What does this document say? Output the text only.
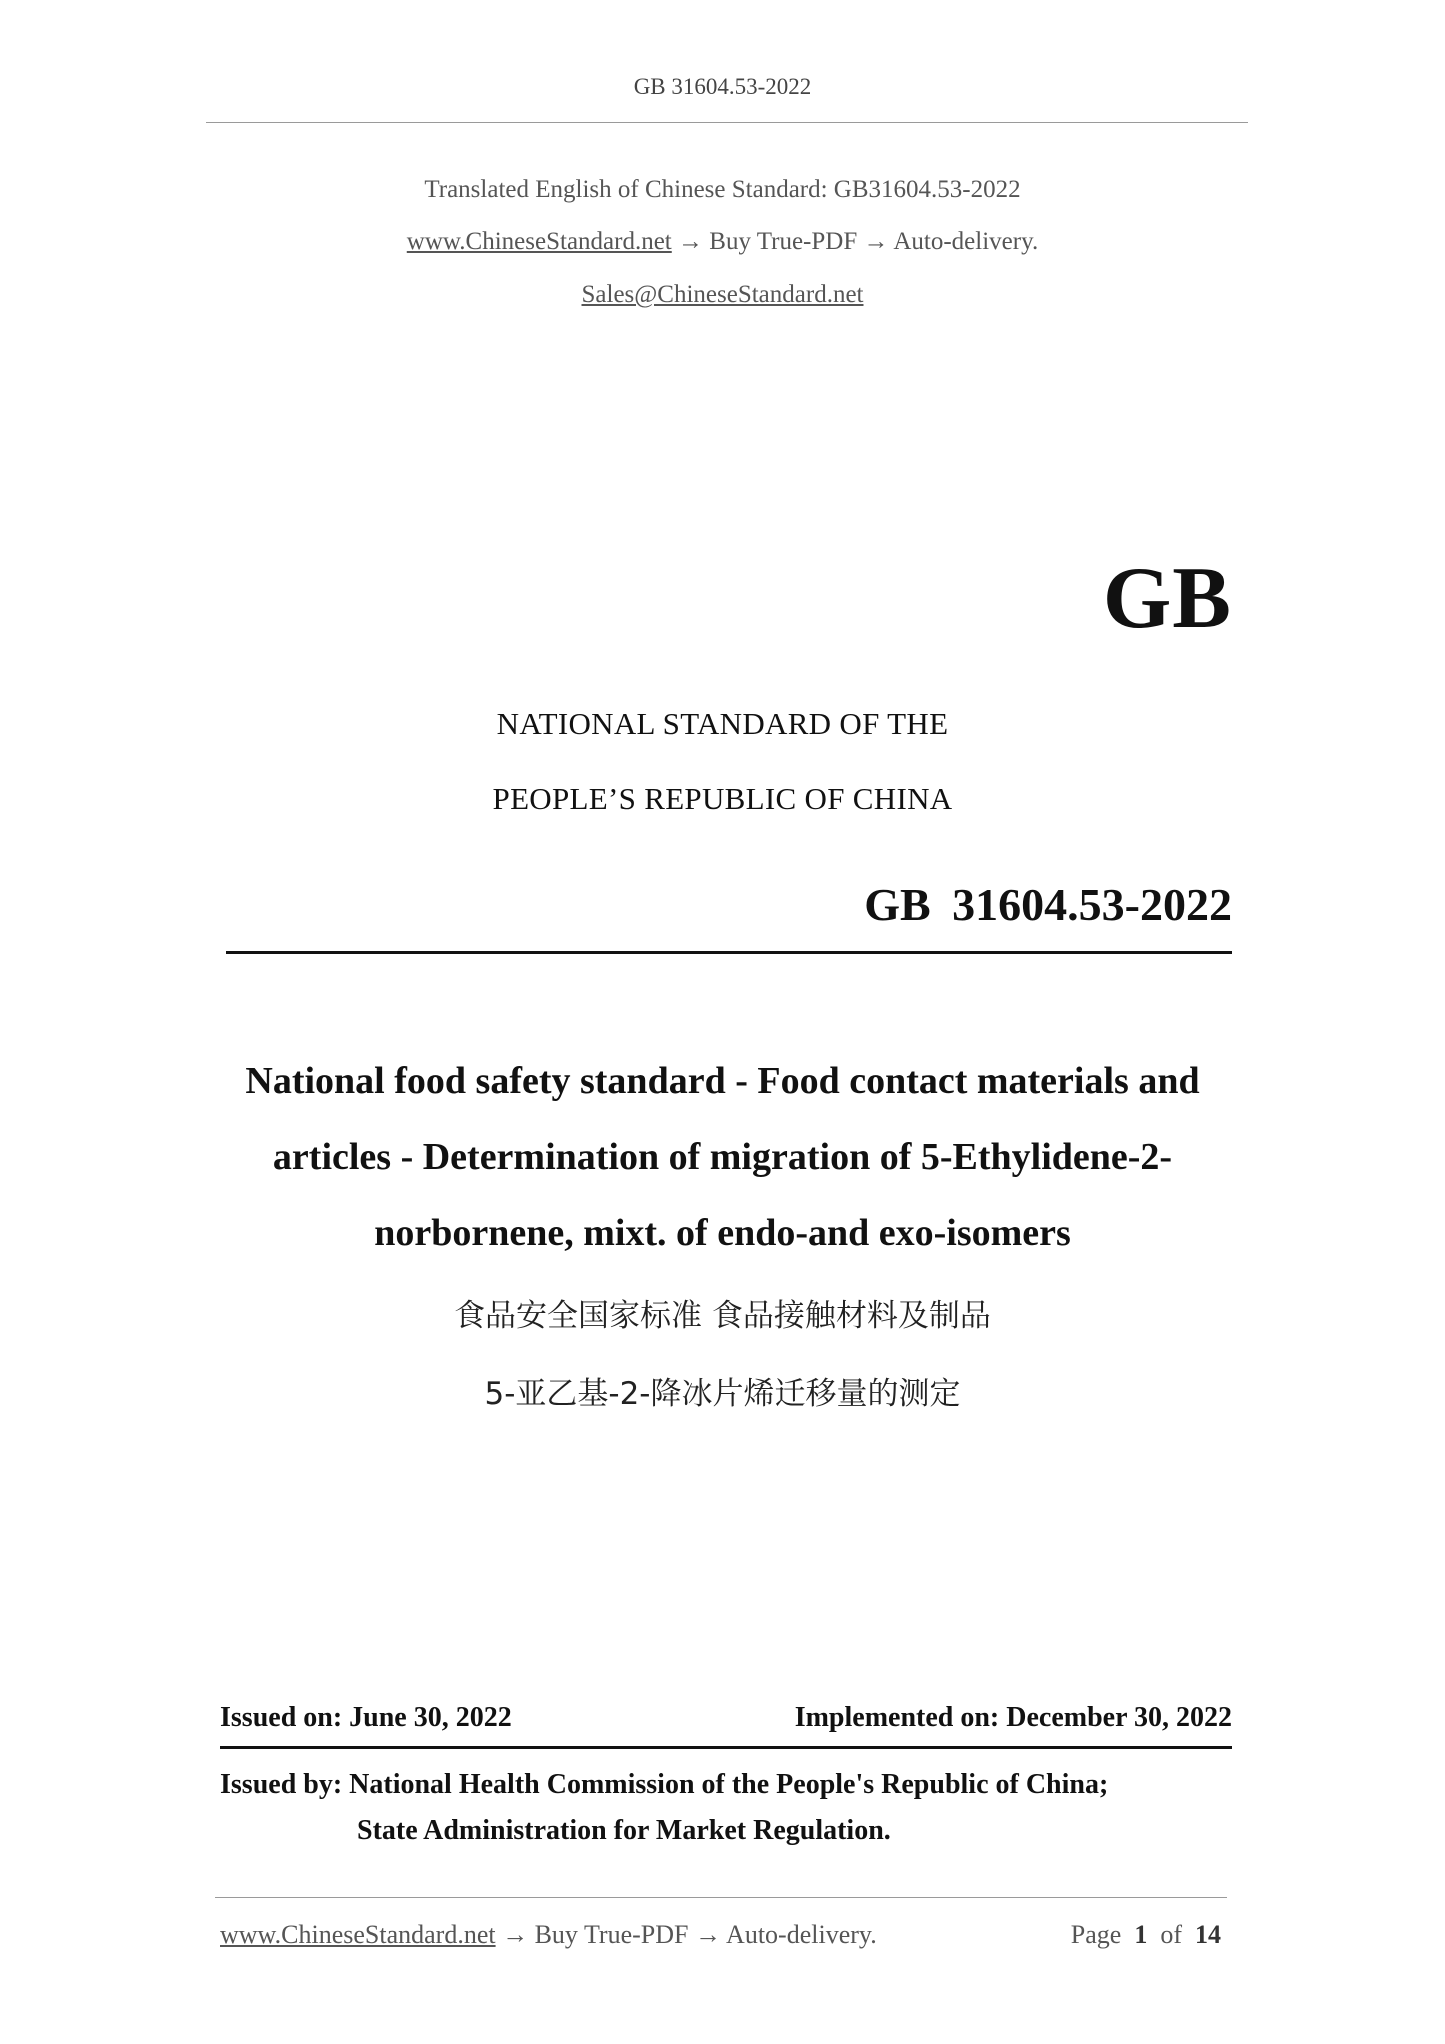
GB 31604.53-2022
Translated English of Chinese Standard: GB31604.53-2022
www.ChineseStandard.net → Buy True-PDF → Auto-delivery.
Sales@ChineseStandard.net
GB
NATIONAL STANDARD OF THE
PEOPLE’S REPUBLIC OF CHINA
GB 31604.53-2022
National food safety standard - Food contact materials and
articles - Determination of migration of 5-Ethylidene-2-
norbornene, mixt. of endo-and exo-isomers
食品安全国家标准 食品接触材料及制品
5-亚乙基-2-降冰片烯迁移量的测定
Issued on: June 30, 2022	Implemented on: December 30, 2022
Issued by: National Health Commission of the People's Republic of China;
State Administration for Market Regulation.
www.ChineseStandard.net → Buy True-PDF → Auto-delivery.	Page 1 of 14
